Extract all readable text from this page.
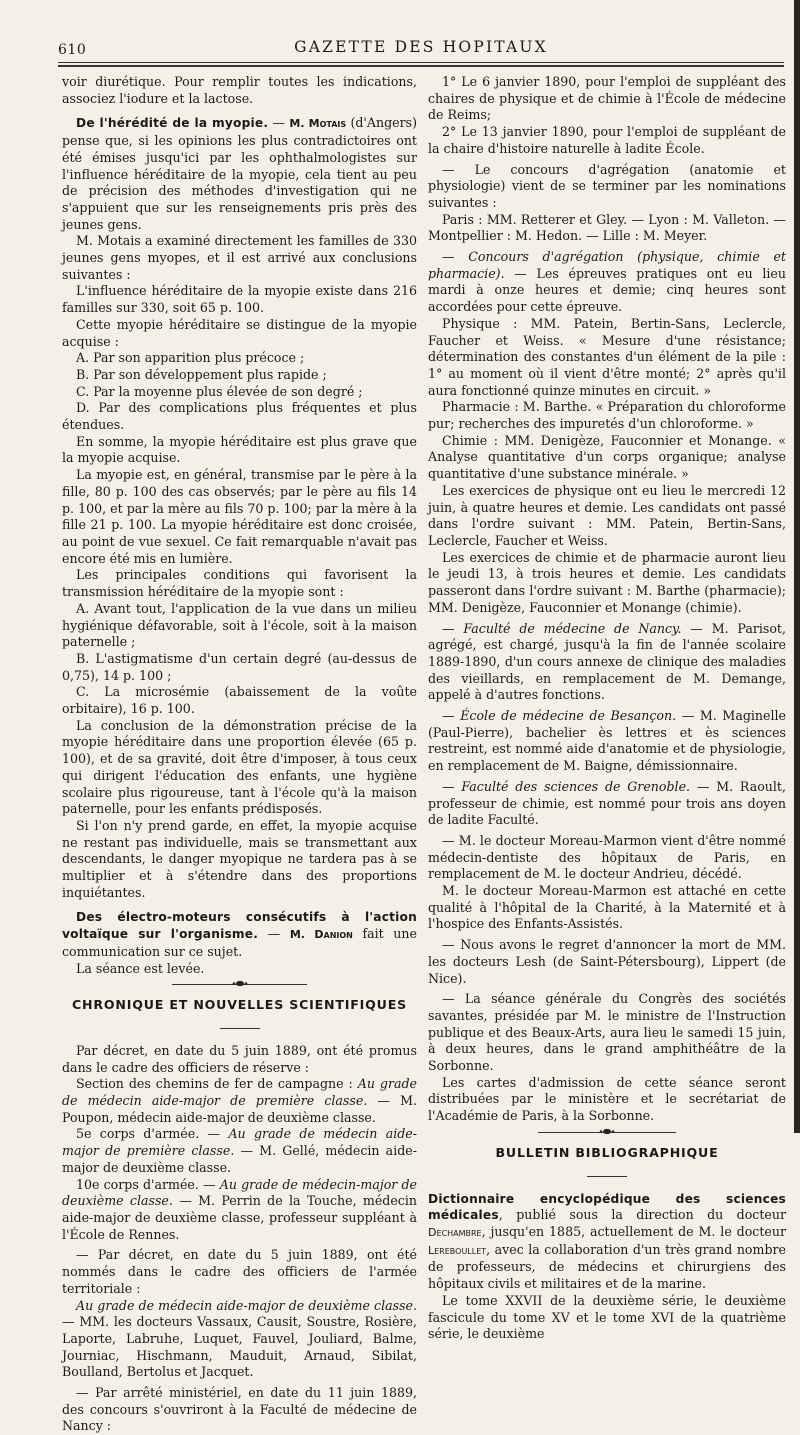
610	GAZETTE DES HOPITAUX

voir diurétique. Pour remplir toutes les indications, associez l'iodure et la lactose.

De l'hérédité de la myopie. — M. Motais (d'Angers) pense que, si les opinions les plus contradictoires ont été émises jusqu'ici par les ophthalmologistes sur l'influence héréditaire de la myopie, cela tient au peu de précision des méthodes d'investigation qui ne s'appuient que sur les renseignements pris près des jeunes gens.

M. Motais a examiné directement les familles de 330 jeunes gens myopes, et il est arrivé aux conclusions suivantes :

L'influence héréditaire de la myopie existe dans 216 familles sur 330, soit 65 p. 100.

Cette myopie héréditaire se distingue de la myopie acquise :

A. Par son apparition plus précoce ;

B. Par son développement plus rapide ;

C. Par la moyenne plus élevée de son degré ;

D. Par des complications plus fréquentes et plus étendues.

En somme, la myopie héréditaire est plus grave que la myopie acquise.

La myopie est, en général, transmise par le père à la fille, 80 p. 100 des cas observés; par le père au fils 14 p. 100, et par la mère au fils 70 p. 100; par la mère à la fille 21 p. 100. La myopie héréditaire est donc croisée, au point de vue sexuel. Ce fait remarquable n'avait pas encore été mis en lumière.

Les principales conditions qui favorisent la transmission héréditaire de la myopie sont :

A. Avant tout, l'application de la vue dans un milieu hygiénique défavorable, soit à l'école, soit à la maison paternelle ;

B. L'astigmatisme d'un certain degré (au-dessus de 0,75), 14 p. 100 ;

C. La microsémie (abaissement de la voûte orbitaire), 16 p. 100.

La conclusion de la démonstration précise de la myopie héréditaire dans une proportion élevée (65 p. 100), et de sa gravité, doit être d'imposer, à tous ceux qui dirigent l'éducation des enfants, une hygiène scolaire plus rigoureuse, tant à l'école qu'à la maison paternelle, pour les enfants prédisposés.

Si l'on n'y prend garde, en effet, la myopie acquise ne restant pas individuelle, mais se transmettant aux descendants, le danger myopique ne tardera pas à se multiplier et à s'étendre dans des proportions inquiétantes.

Des électro-moteurs consécutifs à l'action voltaïque sur l'organisme. — M. Danion fait une communication sur ce sujet.

La séance est levée.

CHRONIQUE ET NOUVELLES SCIENTIFIQUES

Par décret, en date du 5 juin 1889, ont été promus dans le cadre des officiers de réserve :

Section des chemins de fer de campagne : Au grade de médecin aide-major de première classe. — M. Poupon, médecin aide-major de deuxième classe.

5e corps d'armée. — Au grade de médecin aide-major de première classe. — M. Gellé, médecin aide-major de deuxième classe.

10e corps d'armée. — Au grade de médecin-major de deuxième classe. — M. Perrin de la Touche, médecin aide-major de deuxième classe, professeur suppléant à l'École de Rennes.

— Par décret, en date du 5 juin 1889, ont été nommés dans le cadre des officiers de l'armée territoriale :

Au grade de médecin aide-major de deuxième classe. — MM. les docteurs Vassaux, Causit, Soustre, Rosière, Laporte, Labruhe, Luquet, Fauvel, Jouliard, Balme, Journiac, Hischmann, Mauduit, Arnaud, Sibilat, Boulland, Bertolus et Jacquet.

— Par arrêté ministériel, en date du 11 juin 1889, des concours s'ouvriront à la Faculté de médecine de Nancy :

1° Le 6 janvier 1890, pour l'emploi de suppléant des chaires de physique et de chimie à l'École de médecine de Reims;

2° Le 13 janvier 1890, pour l'emploi de suppléant de la chaire d'histoire naturelle à ladite École.

— Le concours d'agrégation (anatomie et physiologie) vient de se terminer par les nominations suivantes :

Paris : MM. Retterer et Gley. — Lyon : M. Valleton. — Montpellier : M. Hedon. — Lille : M. Meyer.

— Concours d'agrégation (physique, chimie et pharmacie). — Les épreuves pratiques ont eu lieu mardi à onze heures et demie; cinq heures sont accordées pour cette épreuve.

Physique : MM. Patein, Bertin-Sans, Leclercle, Faucher et Weiss. « Mesure d'une résistance; détermination des constantes d'un élément de la pile : 1° au moment où il vient d'être monté; 2° après qu'il aura fonctionné quinze minutes en circuit. »

Pharmacie : M. Barthe. « Préparation du chloroforme pur; recherches des impuretés d'un chloroforme. »

Chimie : MM. Denigèze, Fauconnier et Monange. « Analyse quantitative d'un corps organique; analyse quantitative d'une substance minérale. »

Les exercices de physique ont eu lieu le mercredi 12 juin, à quatre heures et demie. Les candidats ont passé dans l'ordre suivant : MM. Patein, Bertin-Sans, Leclercle, Faucher et Weiss.

Les exercices de chimie et de pharmacie auront lieu le jeudi 13, à trois heures et demie. Les candidats passeront dans l'ordre suivant : M. Barthe (pharmacie); MM. Denigèze, Fauconnier et Monange (chimie).

— Faculté de médecine de Nancy. — M. Parisot, agrégé, est chargé, jusqu'à la fin de l'année scolaire 1889-1890, d'un cours annexe de clinique des maladies des vieillards, en remplacement de M. Demange, appelé à d'autres fonctions.

— École de médecine de Besançon. — M. Maginelle (Paul-Pierre), bachelier ès lettres et ès sciences restreint, est nommé aide d'anatomie et de physiologie, en remplacement de M. Baigne, démissionnaire.

— Faculté des sciences de Grenoble. — M. Raoult, professeur de chimie, est nommé pour trois ans doyen de ladite Faculté.

— M. le docteur Moreau-Marmon vient d'être nommé médecin-dentiste des hôpitaux de Paris, en remplacement de M. le docteur Andrieu, décédé.

M. le docteur Moreau-Marmon est attaché en cette qualité à l'hôpital de la Charité, à la Maternité et à l'hospice des Enfants-Assistés.

— Nous avons le regret d'annoncer la mort de MM. les docteurs Lesh (de Saint-Pétersbourg), Lippert (de Nice).

— La séance générale du Congrès des sociétés savantes, présidée par M. le ministre de l'Instruction publique et des Beaux-Arts, aura lieu le samedi 15 juin, à deux heures, dans le grand amphithéâtre de la Sorbonne.

Les cartes d'admission de cette séance seront distribuées par le ministère et le secrétariat de l'Académie de Paris, à la Sorbonne.

BULLETIN BIBLIOGRAPHIQUE

Dictionnaire encyclopédique des sciences médicales, publié sous la direction du docteur Dechambre, jusqu'en 1885, actuellement de M. le docteur Lereboullet, avec la collaboration d'un très grand nombre de professeurs, de médecins et chirurgiens des hôpitaux civils et militaires et de la marine.

Le tome XXVII de la deuxième série, le deuxième fascicule du tome XV et le tome XVI de la quatrième série, le deuxième
